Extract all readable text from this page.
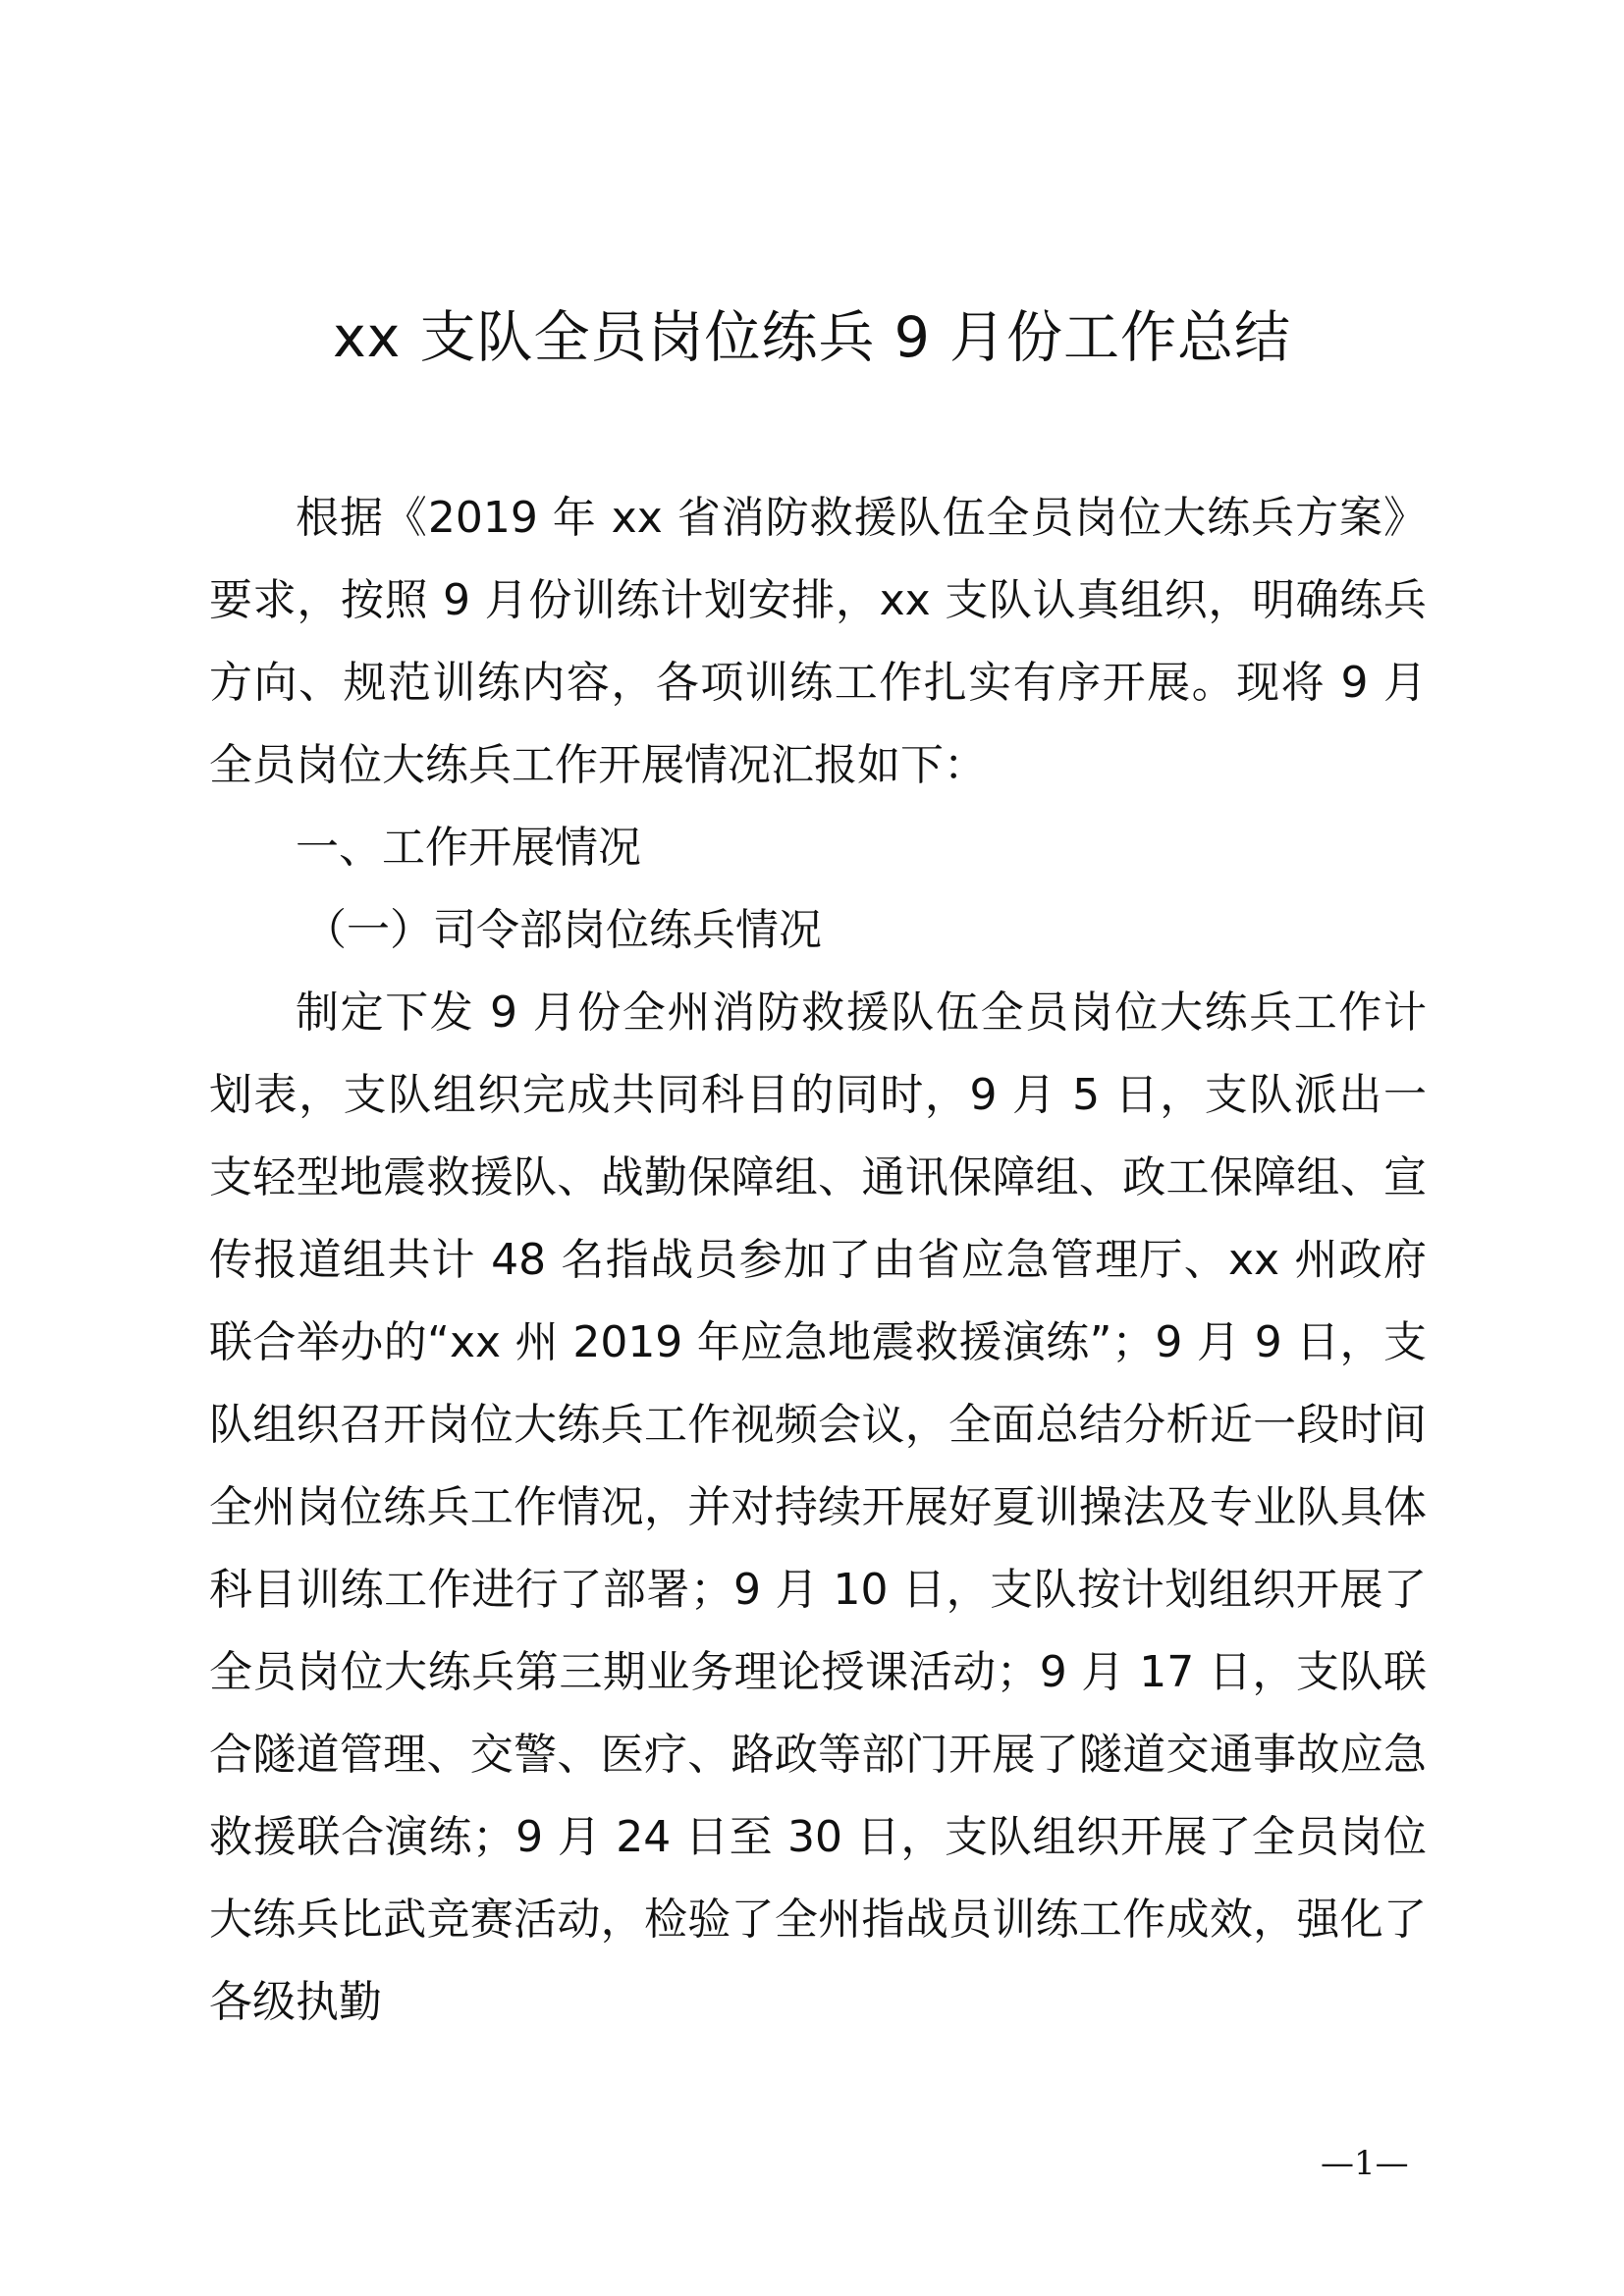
xx 支队全员岗位练兵 9 月份工作总结

根据《2019 年 xx 省消防救援队伍全员岗位大练兵方案》要求，按照 9 月份训练计划安排，xx 支队认真组织，明确练兵方向、规范训练内容，各项训练工作扎实有序开展。现将 9 月全员岗位大练兵工作开展情况汇报如下：

一、工作开展情况

（一）司令部岗位练兵情况

制定下发 9 月份全州消防救援队伍全员岗位大练兵工作计划表，支队组织完成共同科目的同时，9 月 5 日，支队派出一支轻型地震救援队、战勤保障组、通讯保障组、政工保障组、宣传报道组共计 48 名指战员参加了由省应急管理厅、xx 州政府联合举办的“xx 州 2019 年应急地震救援演练”；9 月 9 日，支队组织召开岗位大练兵工作视频会议，全面总结分析近一段时间全州岗位练兵工作情况，并对持续开展好夏训操法及专业队具体科目训练工作进行了部署；9 月 10 日，支队按计划组织开展了全员岗位大练兵第三期业务理论授课活动；9 月 17 日，支队联合隧道管理、交警、医疗、路政等部门开展了隧道交通事故应急救援联合演练；9 月 24 日至 30 日，支队组织开展了全员岗位大练兵比武竞赛活动，检验了全州指战员训练工作成效，强化了各级执勤

—1—
